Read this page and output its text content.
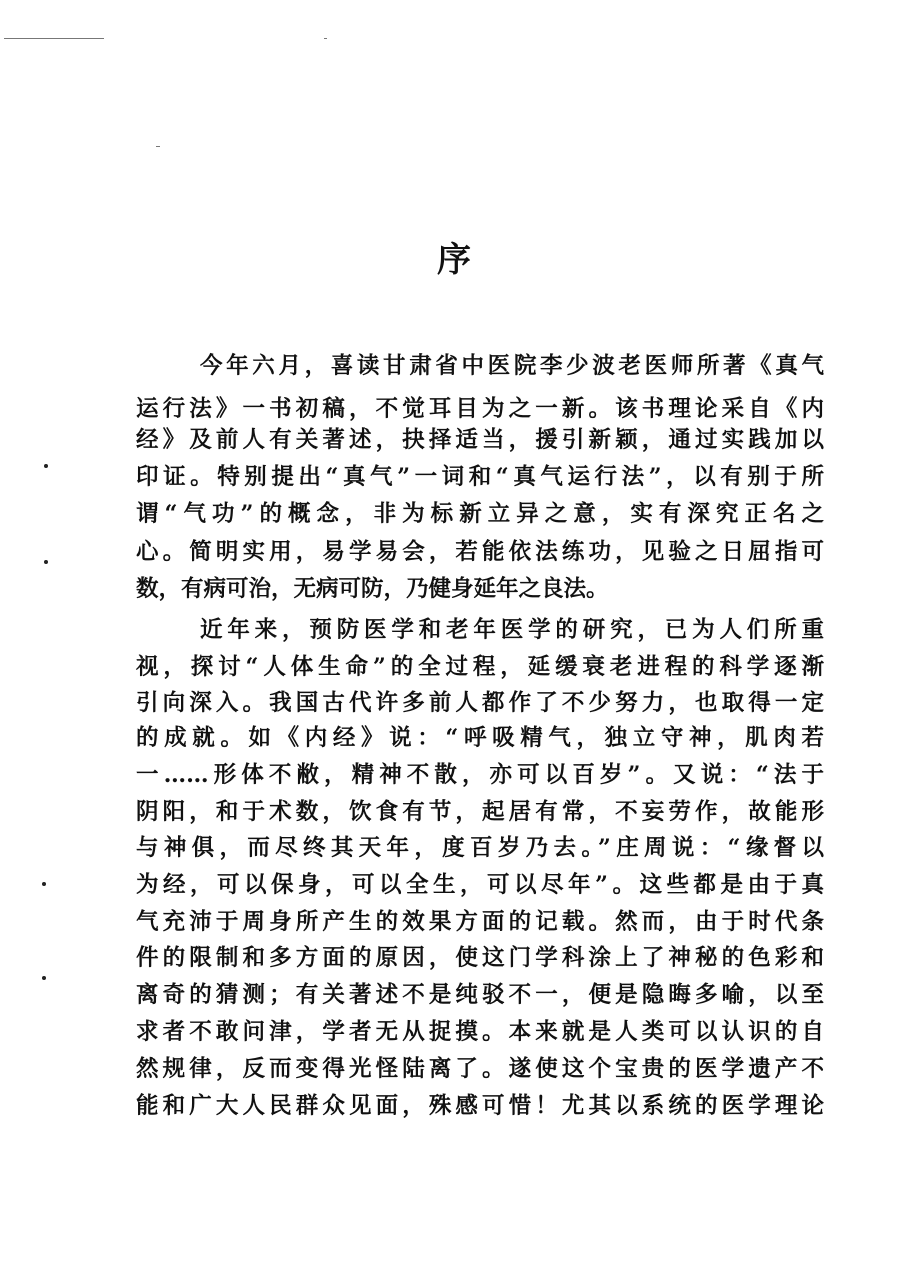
序
今年六月，喜读甘肃省中医院李少波老医师所著《真气
运行法》一书初稿，不觉耳目为之一新。该书理论采自《内
经》及前人有关著述，抉择适当，援引新颖，通过实践加以
印证。特别提出“真气”一词和“真气运行法”，以有别于所
谓“气功”的概念，非为标新立异之意，实有深究正名之
心。简明实用，易学易会，若能依法练功，见验之日屈指可
数，有病可治，无病可防，乃健身延年之良法。
近年来，预防医学和老年医学的研究，已为人们所重
视，探讨“人体生命”的全过程，延缓衰老进程的科学逐渐
引向深入。我国古代许多前人都作了不少努力，也取得一定
的成就。如《内经》说：“呼吸精气，独立守神，肌肉若
一……形体不敝，精神不散，亦可以百岁”。又说：“法于
阴阳，和于术数，饮食有节，起居有常，不妄劳作，故能形
与神俱，而尽终其天年，度百岁乃去。”庄周说：“缘督以
为经，可以保身，可以全生，可以尽年”。这些都是由于真
气充沛于周身所产生的效果方面的记载。然而，由于时代条
件的限制和多方面的原因，使这门学科涂上了神秘的色彩和
离奇的猜测；有关著述不是纯驳不一，便是隐晦多喻，以至
求者不敢问津，学者无从捉摸。本来就是人类可以认识的自
然规律，反而变得光怪陆离了。遂使这个宝贵的医学遗产不
能和广大人民群众见面，殊感可惜！尤其以系统的医学理论
